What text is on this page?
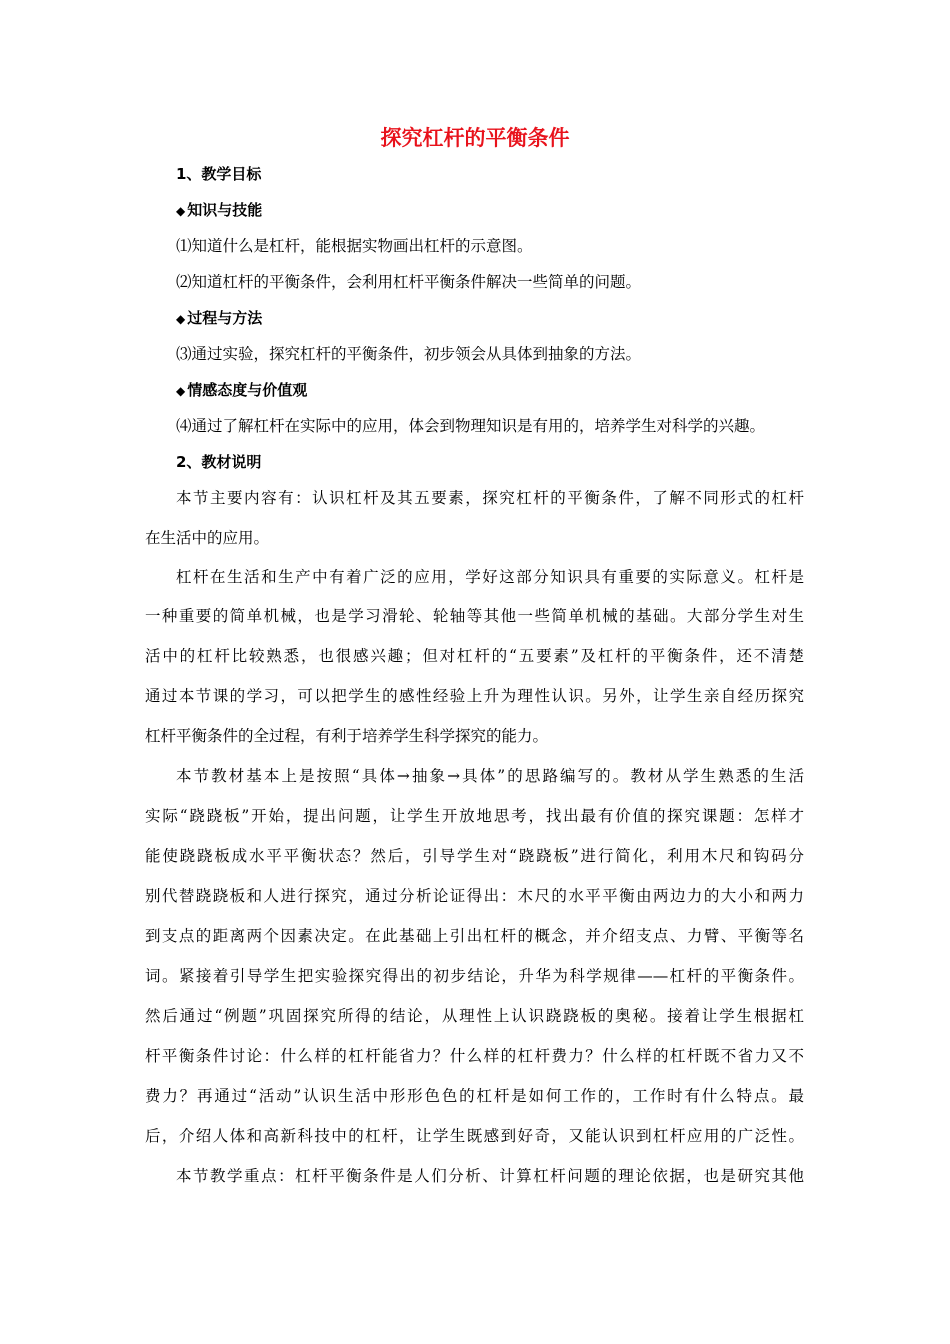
探究杠杆的平衡条件
1、教学目标
◆ 知识与技能
⑴知道什么是杠杆，能根据实物画出杠杆的示意图。
⑵知道杠杆的平衡条件，会利用杠杆平衡条件解决一些简单的问题。
◆ 过程与方法
⑶通过实验，探究杠杆的平衡条件，初步领会从具体到抽象的方法。
◆ 情感态度与价值观
⑷通过了解杠杆在实际中的应用，体会到物理知识是有用的，培养学生对科学的兴趣。
2、教材说明
本节主要内容有：认识杠杆及其五要素，探究杠杆的平衡条件，了解不同形式的杠杆
在生活中的应用。
杠杆在生活和生产中有着广泛的应用，学好这部分知识具有重要的实际意义。杠杆是
一种重要的简单机械，也是学习滑轮、轮轴等其他一些简单机械的基础。大部分学生对生
活中的杠杆比较熟悉，也很感兴趣；但对杠杆的“五要素”及杠杆的平衡条件，还不清楚
通过本节课的学习，可以把学生的感性经验上升为理性认识。另外，让学生亲自经历探究
杠杆平衡条件的全过程，有利于培养学生科学探究的能力。
本节教材基本上是按照“具体→抽象→具体”的思路编写的。教材从学生熟悉的生活
实际“跷跷板”开始，提出问题，让学生开放地思考，找出最有价值的探究课题：怎样才
能使跷跷板成水平平衡状态？然后，引导学生对“跷跷板”进行简化，利用木尺和钩码分
别代替跷跷板和人进行探究，通过分析论证得出：木尺的水平平衡由两边力的大小和两力
到支点的距离两个因素决定。在此基础上引出杠杆的概念，并介绍支点、力臂、平衡等名
词。紧接着引导学生把实验探究得出的初步结论，升华为科学规律——杠杆的平衡条件。
然后通过“例题”巩固探究所得的结论，从理性上认识跷跷板的奥秘。接着让学生根据杠
杆平衡条件讨论：什么样的杠杆能省力？什么样的杠杆费力？什么样的杠杆既不省力又不
费力？再通过“活动”认识生活中形形色色的杠杆是如何工作的，工作时有什么特点。最
后，介绍人体和高新科技中的杠杆，让学生既感到好奇，又能认识到杠杆应用的广泛性。
本节教学重点：杠杆平衡条件是人们分析、计算杠杆问题的理论依据，也是研究其他
